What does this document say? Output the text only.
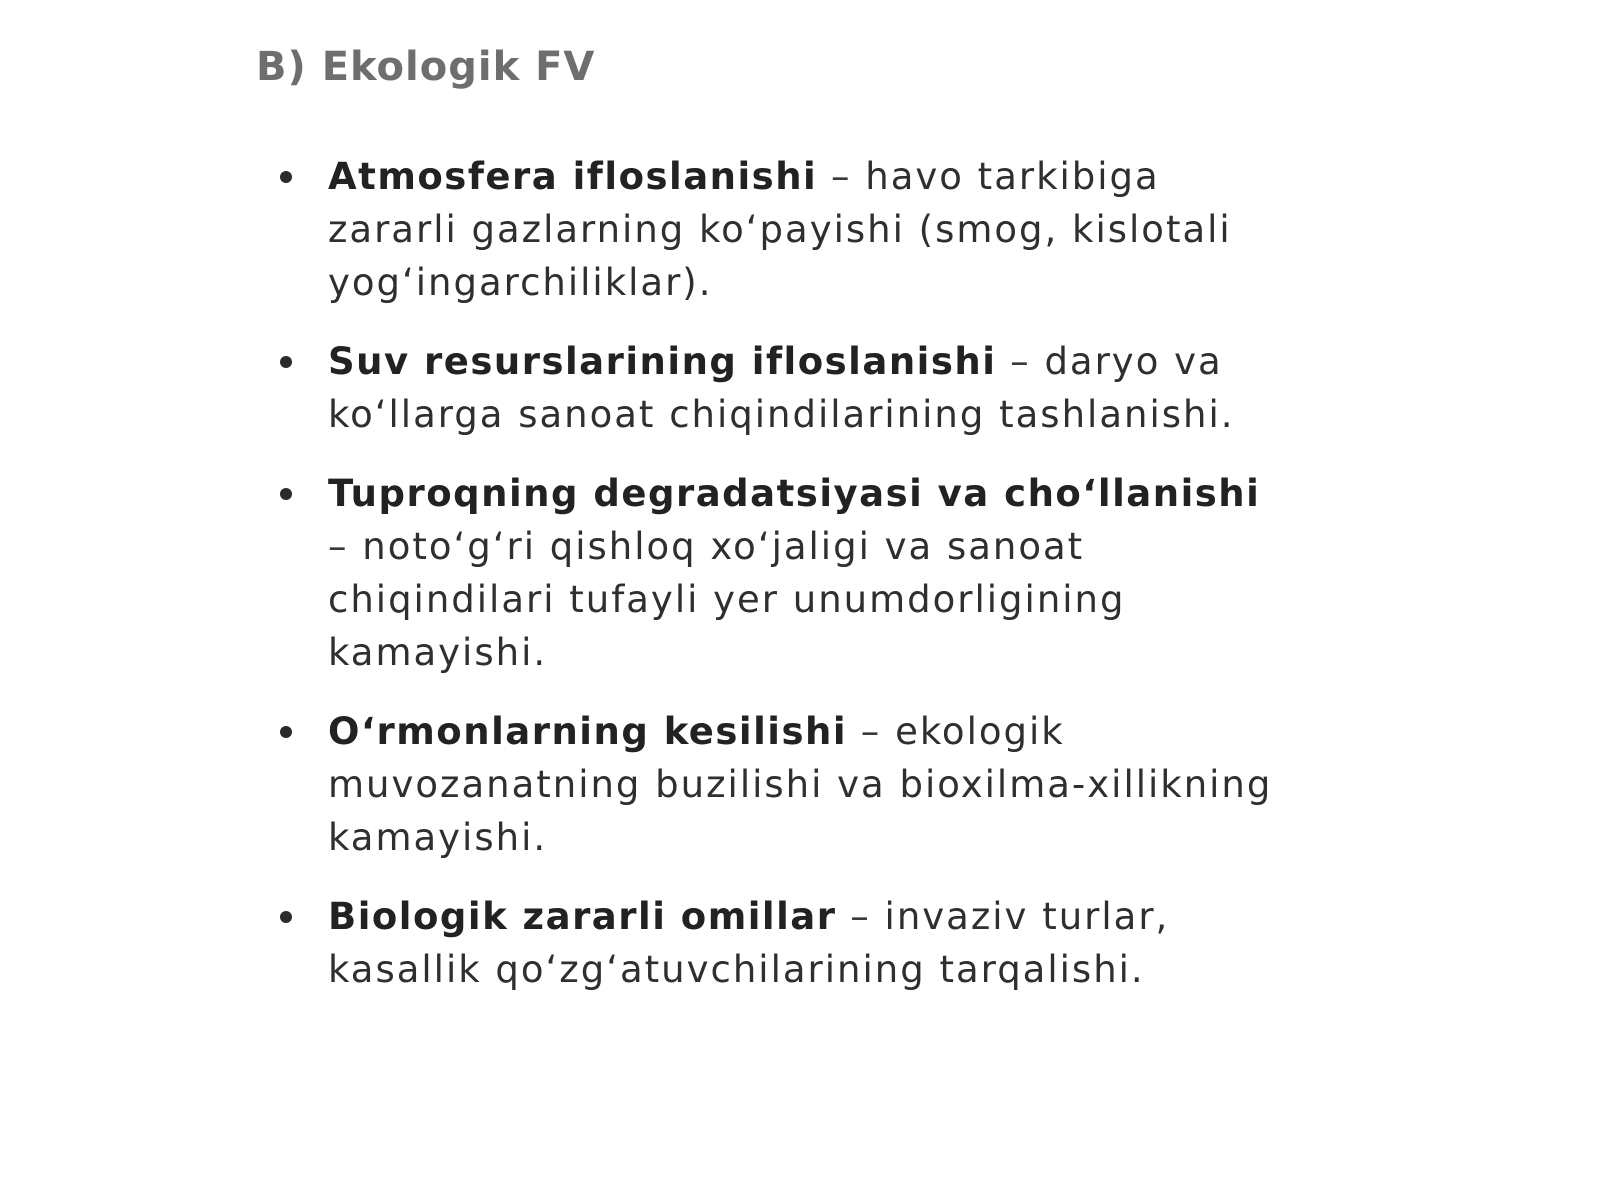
B) Ekologik FV
Atmosfera ifloslanishi – havo tarkibiga zararli gazlarning koʻpayishi (smog, kislotali yogʻingarchiliklar).
Suv resurslarining ifloslanishi – daryo va koʻllarga sanoat chiqindilarining tashlanishi.
Tuproqning degradatsiyasi va choʻllanishi – notoʻgʻri qishloq xoʻjaligi va sanoat chiqindilari tufayli yer unumdorligining kamayishi.
Oʻrmonlarning kesilishi – ekologik muvozanatning buzilishi va bioxilma-xillikning kamayishi.
Biologik zararli omillar – invaziv turlar, kasallik qoʻzgʻatuvchilarining tarqalishi.
